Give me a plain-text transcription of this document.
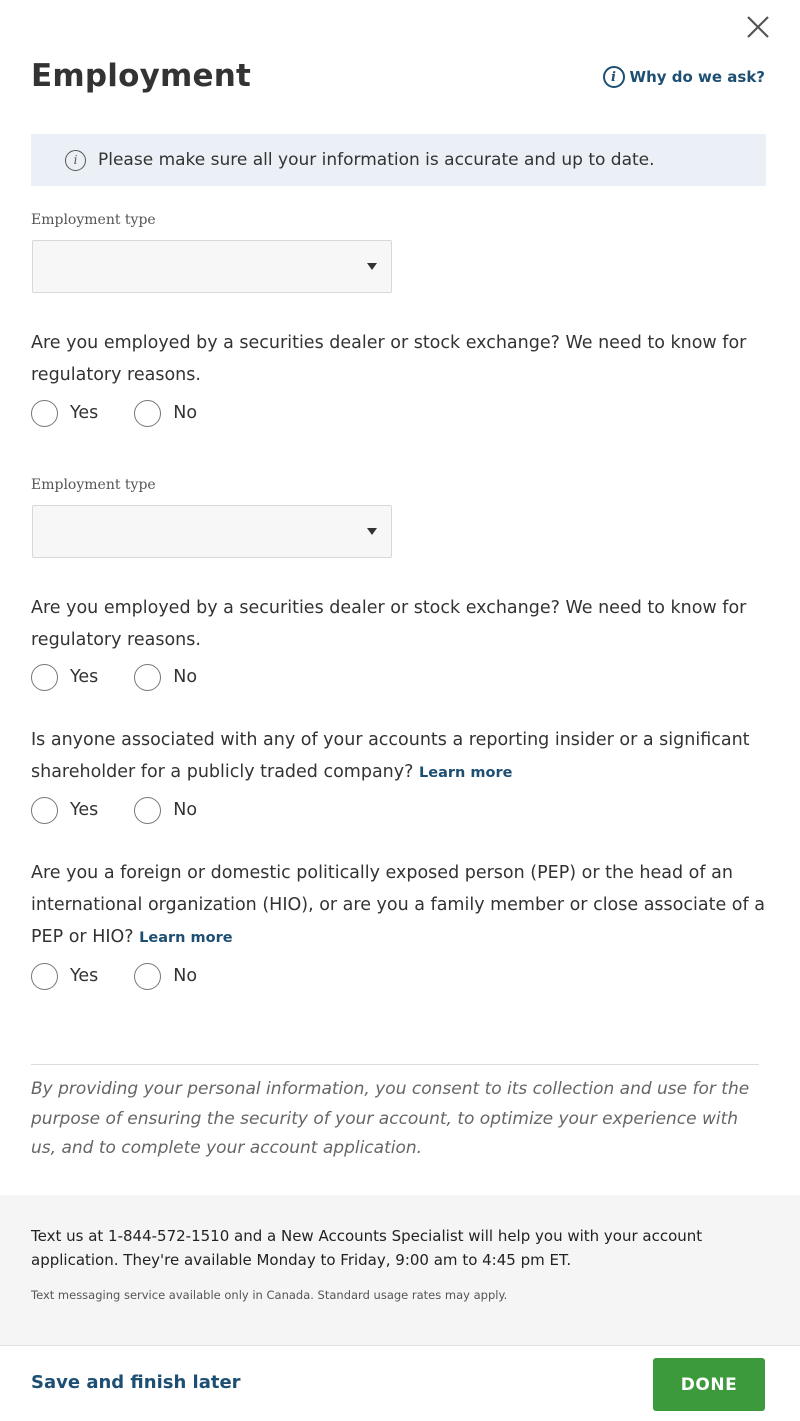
Employment	i Why do we ask?
i	Please make sure all your information is accurate and up to date.
Employment type
Are you employed by a securities dealer or stock exchange? We need to know for regulatory reasons.
Yes	No
Employment type
Are you employed by a securities dealer or stock exchange? We need to know for regulatory reasons.
Yes	No
Is anyone associated with any of your accounts a reporting insider or a significant shareholder for a publicly traded company? Learn more
Yes	No
Are you a foreign or domestic politically exposed person (PEP) or the head of an international organization (HIO), or are you a family member or close associate of a PEP or HIO? Learn more
Yes	No
By providing your personal information, you consent to its collection and use for the purpose of ensuring the security of your account, to optimize your experience with us, and to complete your account application.
Text us at 1-844-572-1510 and a New Accounts Specialist will help you with your account application. They're available Monday to Friday, 9:00 am to 4:45 pm ET.
Text messaging service available only in Canada. Standard usage rates may apply.
Save and finish later	DONE
